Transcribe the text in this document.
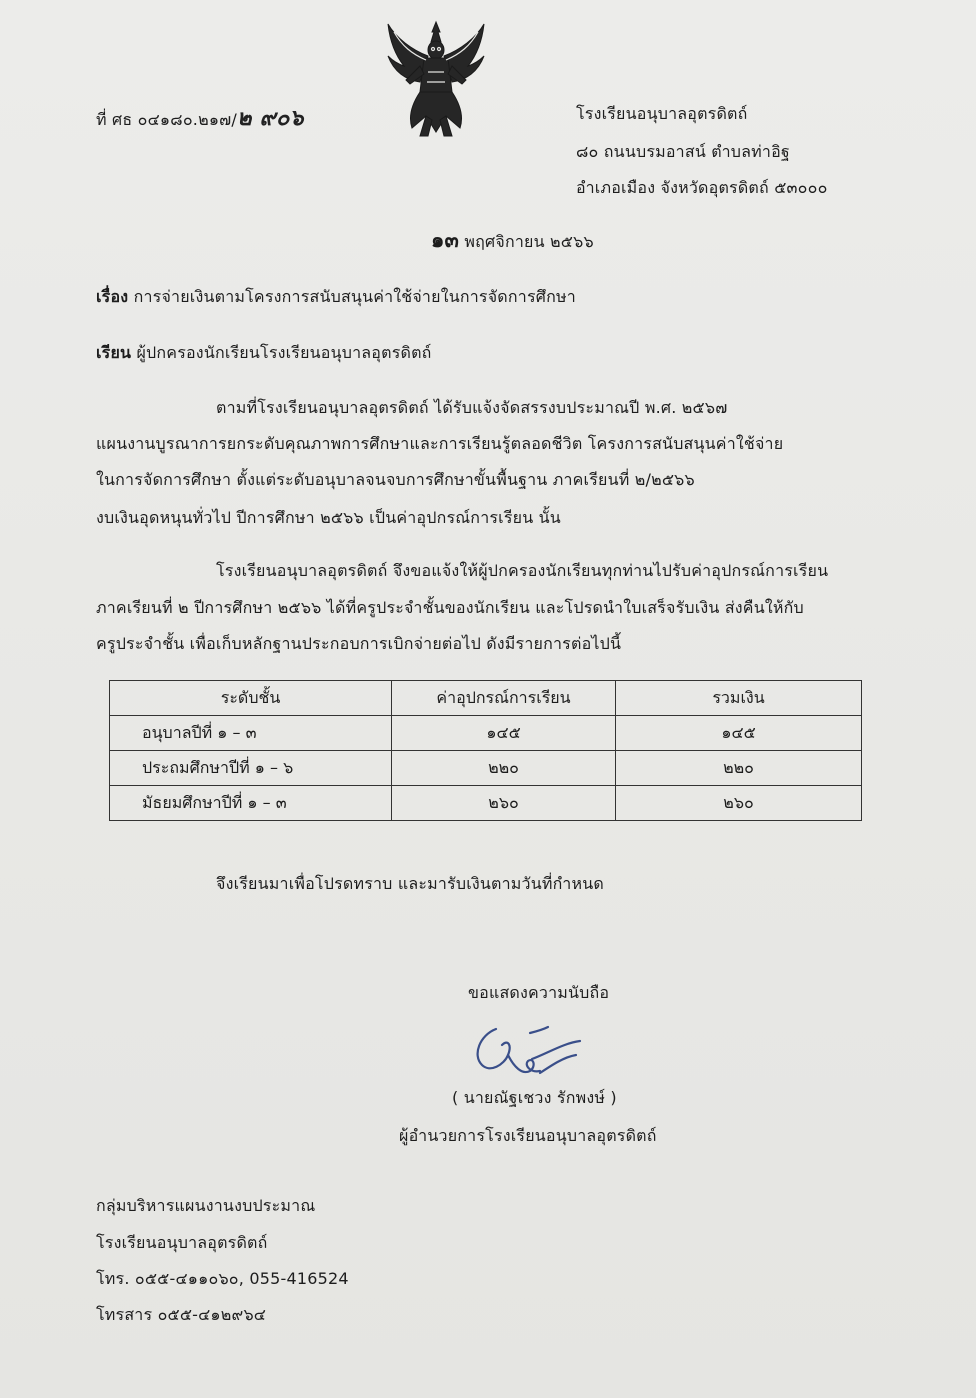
ที่ ศธ ๐๔๑๘๐.๒๑๗/๒ ๙๐๖	โรงเรียนอนุบาลอุตรดิตถ์
๘๐ ถนนบรมอาสน์ ตำบลท่าอิฐ
อำเภอเมือง จังหวัดอุตรดิตถ์ ๕๓๐๐๐
๑๓ พฤศจิกายน ๒๕๖๖
เรื่อง การจ่ายเงินตามโครงการสนับสนุนค่าใช้จ่ายในการจัดการศึกษา
เรียน ผู้ปกครองนักเรียนโรงเรียนอนุบาลอุตรดิตถ์
ตามที่โรงเรียนอนุบาลอุตรดิตถ์ ได้รับแจ้งจัดสรรงบประมาณปี พ.ศ. ๒๕๖๗
แผนงานบูรณาการยกระดับคุณภาพการศึกษาและการเรียนรู้ตลอดชีวิต โครงการสนับสนุนค่าใช้จ่าย
ในการจัดการศึกษา ตั้งแต่ระดับอนุบาลจนจบการศึกษาขั้นพื้นฐาน ภาคเรียนที่ ๒/๒๕๖๖
งบเงินอุดหนุนทั่วไป ปีการศึกษา ๒๕๖๖ เป็นค่าอุปกรณ์การเรียน นั้น
โรงเรียนอนุบาลอุตรดิตถ์ จึงขอแจ้งให้ผู้ปกครองนักเรียนทุกท่านไปรับค่าอุปกรณ์การเรียน
ภาคเรียนที่ ๒ ปีการศึกษา ๒๕๖๖ ได้ที่ครูประจำชั้นของนักเรียน และโปรดนำใบเสร็จรับเงิน ส่งคืนให้กับ
ครูประจำชั้น เพื่อเก็บหลักฐานประกอบการเบิกจ่ายต่อไป ดังมีรายการต่อไปนี้
ระดับชั้น	ค่าอุปกรณ์การเรียน	รวมเงิน
อนุบาลปีที่ ๑ – ๓	๑๔๕	๑๔๕
ประถมศึกษาปีที่ ๑ – ๖	๒๒๐	๒๒๐
มัธยมศึกษาปีที่ ๑ – ๓	๒๖๐	๒๖๐
จึงเรียนมาเพื่อโปรดทราบ และมารับเงินตามวันที่กำหนด
ขอแสดงความนับถือ
( นายณัฐเชวง รักพงษ์ )
ผู้อำนวยการโรงเรียนอนุบาลอุตรดิตถ์
กลุ่มบริหารแผนงานงบประมาณ
โรงเรียนอนุบาลอุตรดิตถ์
โทร. ๐๕๕-๔๑๑๐๖๐, 055-416524
โทรสาร ๐๕๕-๔๑๒๙๖๔
